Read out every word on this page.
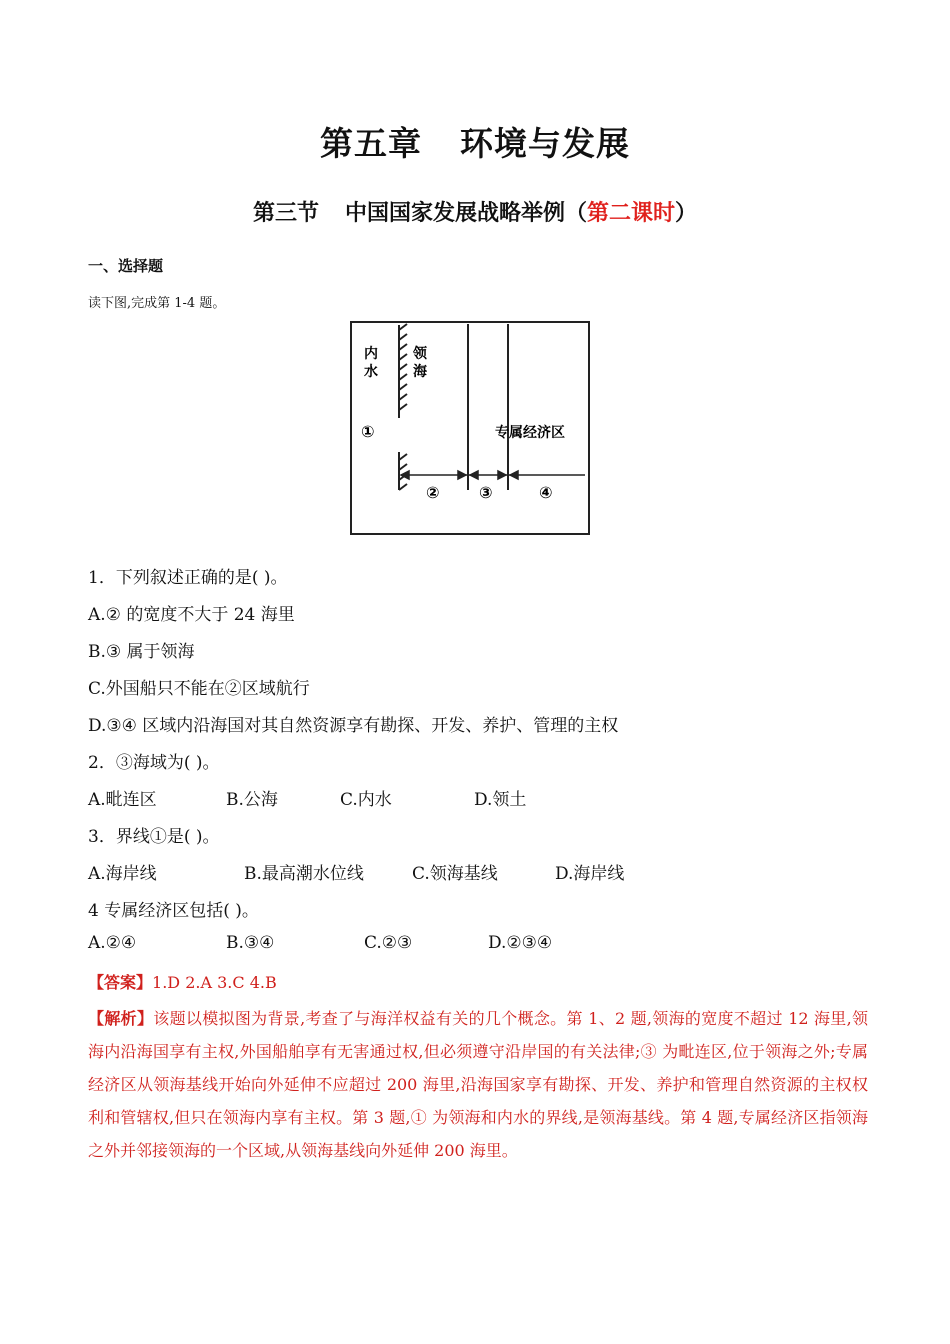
第五章 环境与发展
第三节 中国国家发展战略举例（第二课时）
一、选择题
读下图,完成第 1-4 题。
内
水
领
海
专属经济区
①
② ③	④
1．下列叙述正确的是( )。
A.② 的宽度不大于 24 海里
B.③ 属于领海
C.外国船只不能在②区域航行
D.③④ 区域内沿海国对其自然资源享有勘探、开发、养护、管理的主权
2．③海域为( )。
A.毗连区	B.公海	C.内水	D.领土
3．界线①是( )。
A.海岸线	B.最高潮水位线	C.领海基线	D.海岸线
4 专属经济区包括( )。
A.②④	B.③④	C.②③	D.②③④
【答案】1.D 2.A 3.C 4.B
【解析】该题以模拟图为背景,考查了与海洋权益有关的几个概念。第 1、2 题,领海的宽度不超过 12 海里,领海内沿海国享有主权,外国船舶享有无害通过权,但必须遵守沿岸国的有关法律;③ 为毗连区,位于领海之外;专属经济区从领海基线开始向外延伸不应超过 200 海里,沿海国家享有勘探、开发、养护和管理自然资源的主权权利和管辖权,但只在领海内享有主权。第 3 题,① 为领海和内水的界线,是领海基线。第 4 题,专属经济区指领海之外并邻接领海的一个区域,从领海基线向外延伸 200 海里。
